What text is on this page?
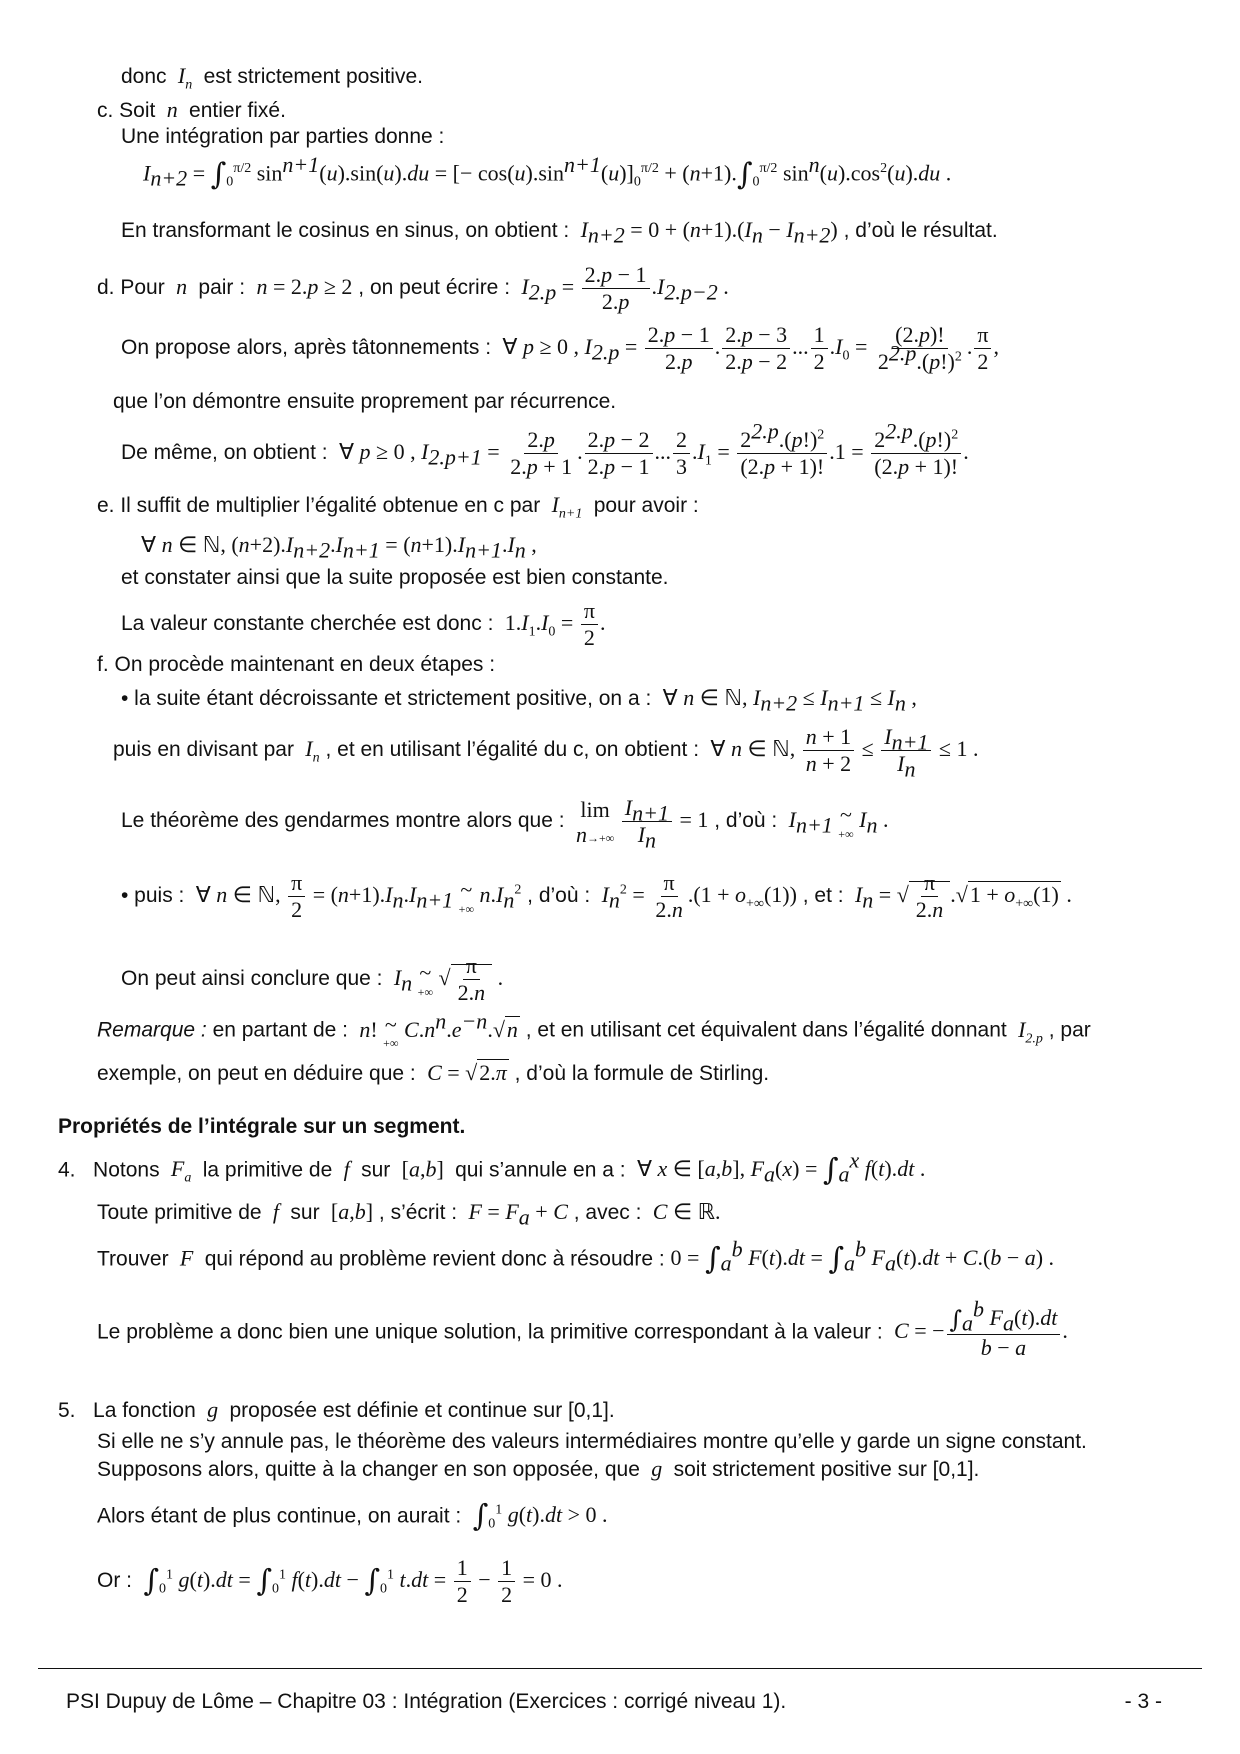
donc  $I_n$ est strictement positive.
c. Soit  n  entier fixé.
Une intégration par parties donne :
$I_{n+2} = \int_0^{\pi/2}$ $\sin^{n+1}(u).\sin(u).du$ = [− $\cos(u).\sin^{n+1}(u)]_0^{\pi/2} + (n+1).\int_0^{\pi/2}$ $\sin^n(u).\cos^2(u).du$ .
En transformant le cosinus en sinus, on obtient : $I_{n+2} = 0 + (n+1).(I_n - I_{n+2})$ , d’où le résultat.
d. Pour  n  pair : n = 2.p ≥ 2 , on peut écrire : $I_{2.p} = \frac{2.p - 1}{2.p} .I_{2.p-2}$ .
On propose alors, après tâtonnements :  ∀ p ≥ 0 , $I_{2.p} = \frac{2.p - 1}{2.p}$ . $\frac{2.p - 3}{2.p - 2}$ ... $\frac{1}{2} .I_0 = \frac{(2.p)!}{2^{2.p}.(p!)^2}$ . $\frac{\pi}{2}$ ,
que l’on démontre ensuite proprement par récurrence.
De même, on obtient :  ∀ p ≥ 0 , $I_{2.p+1} = \frac{2.p}{2.p + 1}$ . $\frac{2.p - 2}{2.p - 1}$ ... $\frac{2}{3} .I_1 = \frac{2^{2.p}.(p!)^2}{(2.p + 1)!} .1 = \frac{2^{2.p}.(p!)^2}{(2.p + 1)!}$ .
e. Il suffit de multiplier l’égalité obtenue en c par  $I_{n+1}$ pour avoir :
∀ n ∈ ℕ, $(n+2).I_{n+2}.I_{n+1} = (n+1).I_{n+1}.I_n$ ,
et constater ainsi que la suite proposée est bien constante.
La valeur constante cherchée est donc :  $1.I_1.I_0 = \frac{\pi}{2}$ .
f. On procède maintenant en deux étapes :
• la suite étant décroissante et strictement positive, on a :  ∀ n ∈ ℕ, $I_{n+2} \le I_{n+1} \le I_n$ ,
puis en divisant par  $I_n$ , et en utilisant l’égalité du c, on obtient :  ∀ n ∈ ℕ, $\frac{n + 1}{n + 2} \le \frac{I_{n+1}}{I_n} \le 1$ .
Le théorème des gendarmes montre alors que : lim
n→+∞
$\frac{I_{n+1}}{I_n} = 1$ , d’où : $I_{n+1}$ ~
+∞
$I_n$ .
• puis :  ∀ n ∈ ℕ, $\frac{\pi}{2} = (n+1).I_n.I_{n+1}$ ~
+∞
$n.I_n^2$ , d’où : $I_n^2 = \frac{\pi}{2.n} .(1 + o_{+\infty}(1))$ , et : $I_n$ = √ $\frac{\pi}{2.n} .√1 + o_{+\infty}(1)$ .
On peut ainsi conclure que : $I_n$ ~
+∞
√ $\frac{\pi}{2.n}$ .
Remarque : en partant de : n! ~
+∞
$C.n^n.e^{-n}.√n$ , et en utilisant cet équivalent dans l’égalité donnant  $I_{2.p}$ , par
exemple, on peut en déduire que : C = √2.π , d’où la formule de Stirling.
Propriétés de l’intégrale sur un segment.
4. Notons  $F_a$ la primitive de  f  sur  [a,b]  qui s’annule en a :  ∀ x ∈ [a,b], $F_a(x) = \int_a^x$ f(t).dt .
Toute primitive de  f  sur  [a,b] , s’écrit : $F = F_a + C$ , avec : C ∈ ℝ.
Trouver  F  qui répond au problème revient donc à résoudre : $0 = \int_a^b$ $F(t).dt = \int_a^b$ $F_a(t).dt + C.(b - a)$ .
Le problème a donc bien une unique solution, la primitive correspondant à la valeur : C = − $\frac{\int_a^b F_a(t).dt}{b - a}$ .
5. La fonction  g  proposée est définie et continue sur [0,1].
Si elle ne s’y annule pas, le théorème des valeurs intermédiaires montre qu’elle y garde un signe constant.
Supposons alors, quitte à la changer en son opposée, que  g  soit strictement positive sur [0,1].
Alors étant de plus continue, on aurait : $\int_0^1$ g(t).dt > 0 .
Or : $\int_0^1$ $g(t).dt = \int_0^1$ $f(t).dt - \int_0^1$ $t.dt = \frac{1}{2} - \frac{1}{2} = 0$ .
PSI Dupuy de Lôme – Chapitre 03 : Intégration (Exercices : corrigé niveau 1).	- 3 -
